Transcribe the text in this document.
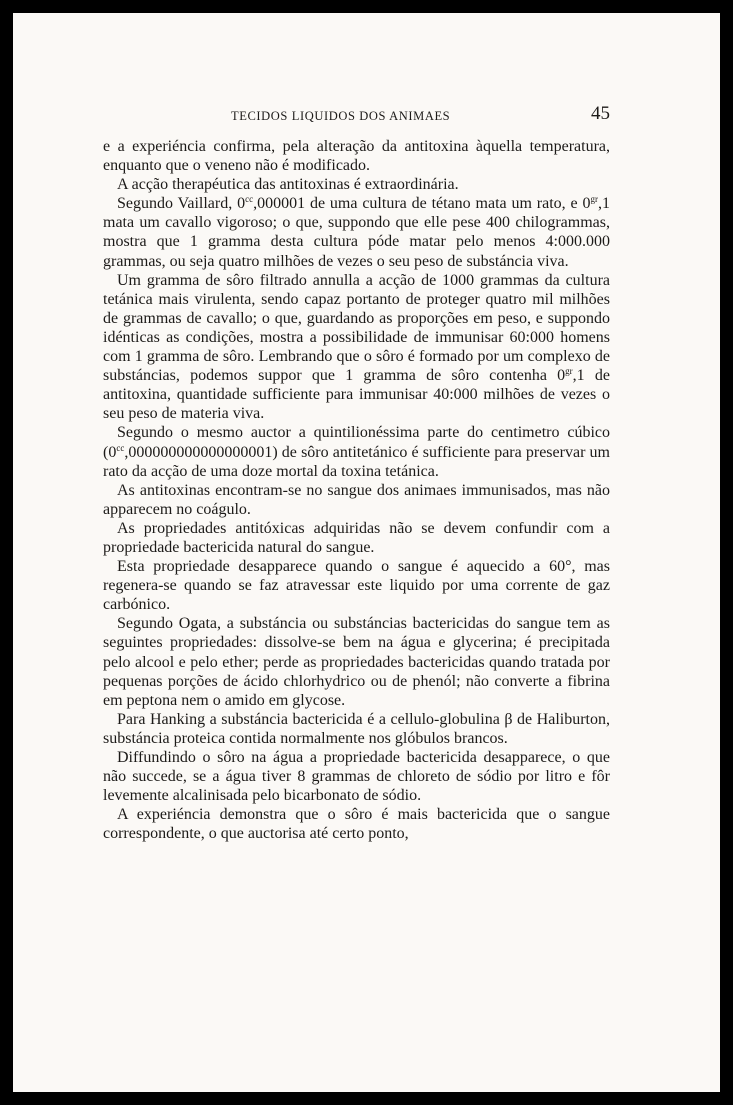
TECIDOS LIQUIDOS DOS ANIMAES	45

e a experiéncia confirma, pela alteração da antitoxina àquella temperatura, enquanto que o veneno não é modificado.

A acção therapéutica das antitoxinas é extraordinária.

Segundo Vaillard, $0^{cc},000001$ de uma cultura de tétano mata um rato, e $0^{gr},1$ mata um cavallo vigoroso; o que, suppondo que elle pese 400 chilogrammas, mostra que 1 gramma desta cultura póde matar pelo menos 4:000.000 grammas, ou seja quatro milhões de vezes o seu peso de substáncia viva.

Um gramma de sôro filtrado annulla a acção de 1000 grammas da cultura tetánica mais virulenta, sendo capaz portanto de proteger quatro mil milhões de grammas de cavallo; o que, guardando as proporções em peso, e suppondo idénticas as condições, mostra a possibilidade de immunisar 60:000 homens com 1 gramma de sôro. Lembrando que o sôro é formado por um complexo de substáncias, podemos suppor que 1 gramma de sôro contenha $0^{gr},1$ de antitoxina, quantidade sufficiente para immunisar 40:000 milhões de vezes o seu peso de materia viva.

Segundo o mesmo auctor a quintilionéssima parte do centimetro cúbico $(0^{cc},000000000000000001)$ de sôro antitetánico é sufficiente para preservar um rato da acção de uma doze mortal da toxina tetánica.

As antitoxinas encontram-se no sangue dos animaes immunisados, mas não apparecem no coágulo.

As propriedades antitóxicas adquiridas não se devem confundir com a propriedade bactericida natural do sangue.

Esta propriedade desapparece quando o sangue é aquecido a 60°, mas regenera-se quando se faz atravessar este liquido por uma corrente de gaz carbónico.

Segundo Ogata, a substáncia ou substáncias bactericidas do sangue tem as seguintes propriedades: dissolve-se bem na água e glycerina; é precipitada pelo alcool e pelo ether; perde as propriedades bactericidas quando tratada por pequenas porções de ácido chlorhydrico ou de phenól; não converte a fibrina em peptona nem o amido em glycose.

Para Hanking a substáncia bactericida é a cellulo-globulina β de Haliburton, substáncia proteica contida normalmente nos glóbulos brancos.

Diffundindo o sôro na água a propriedade bactericida desapparece, o que não succede, se a água tiver 8 grammas de chloreto de sódio por litro e fôr levemente alcalinisada pelo bicarbonato de sódio.

A experiéncia demonstra que o sôro é mais bactericida que o sangue correspondente, o que auctorisa até certo ponto,
